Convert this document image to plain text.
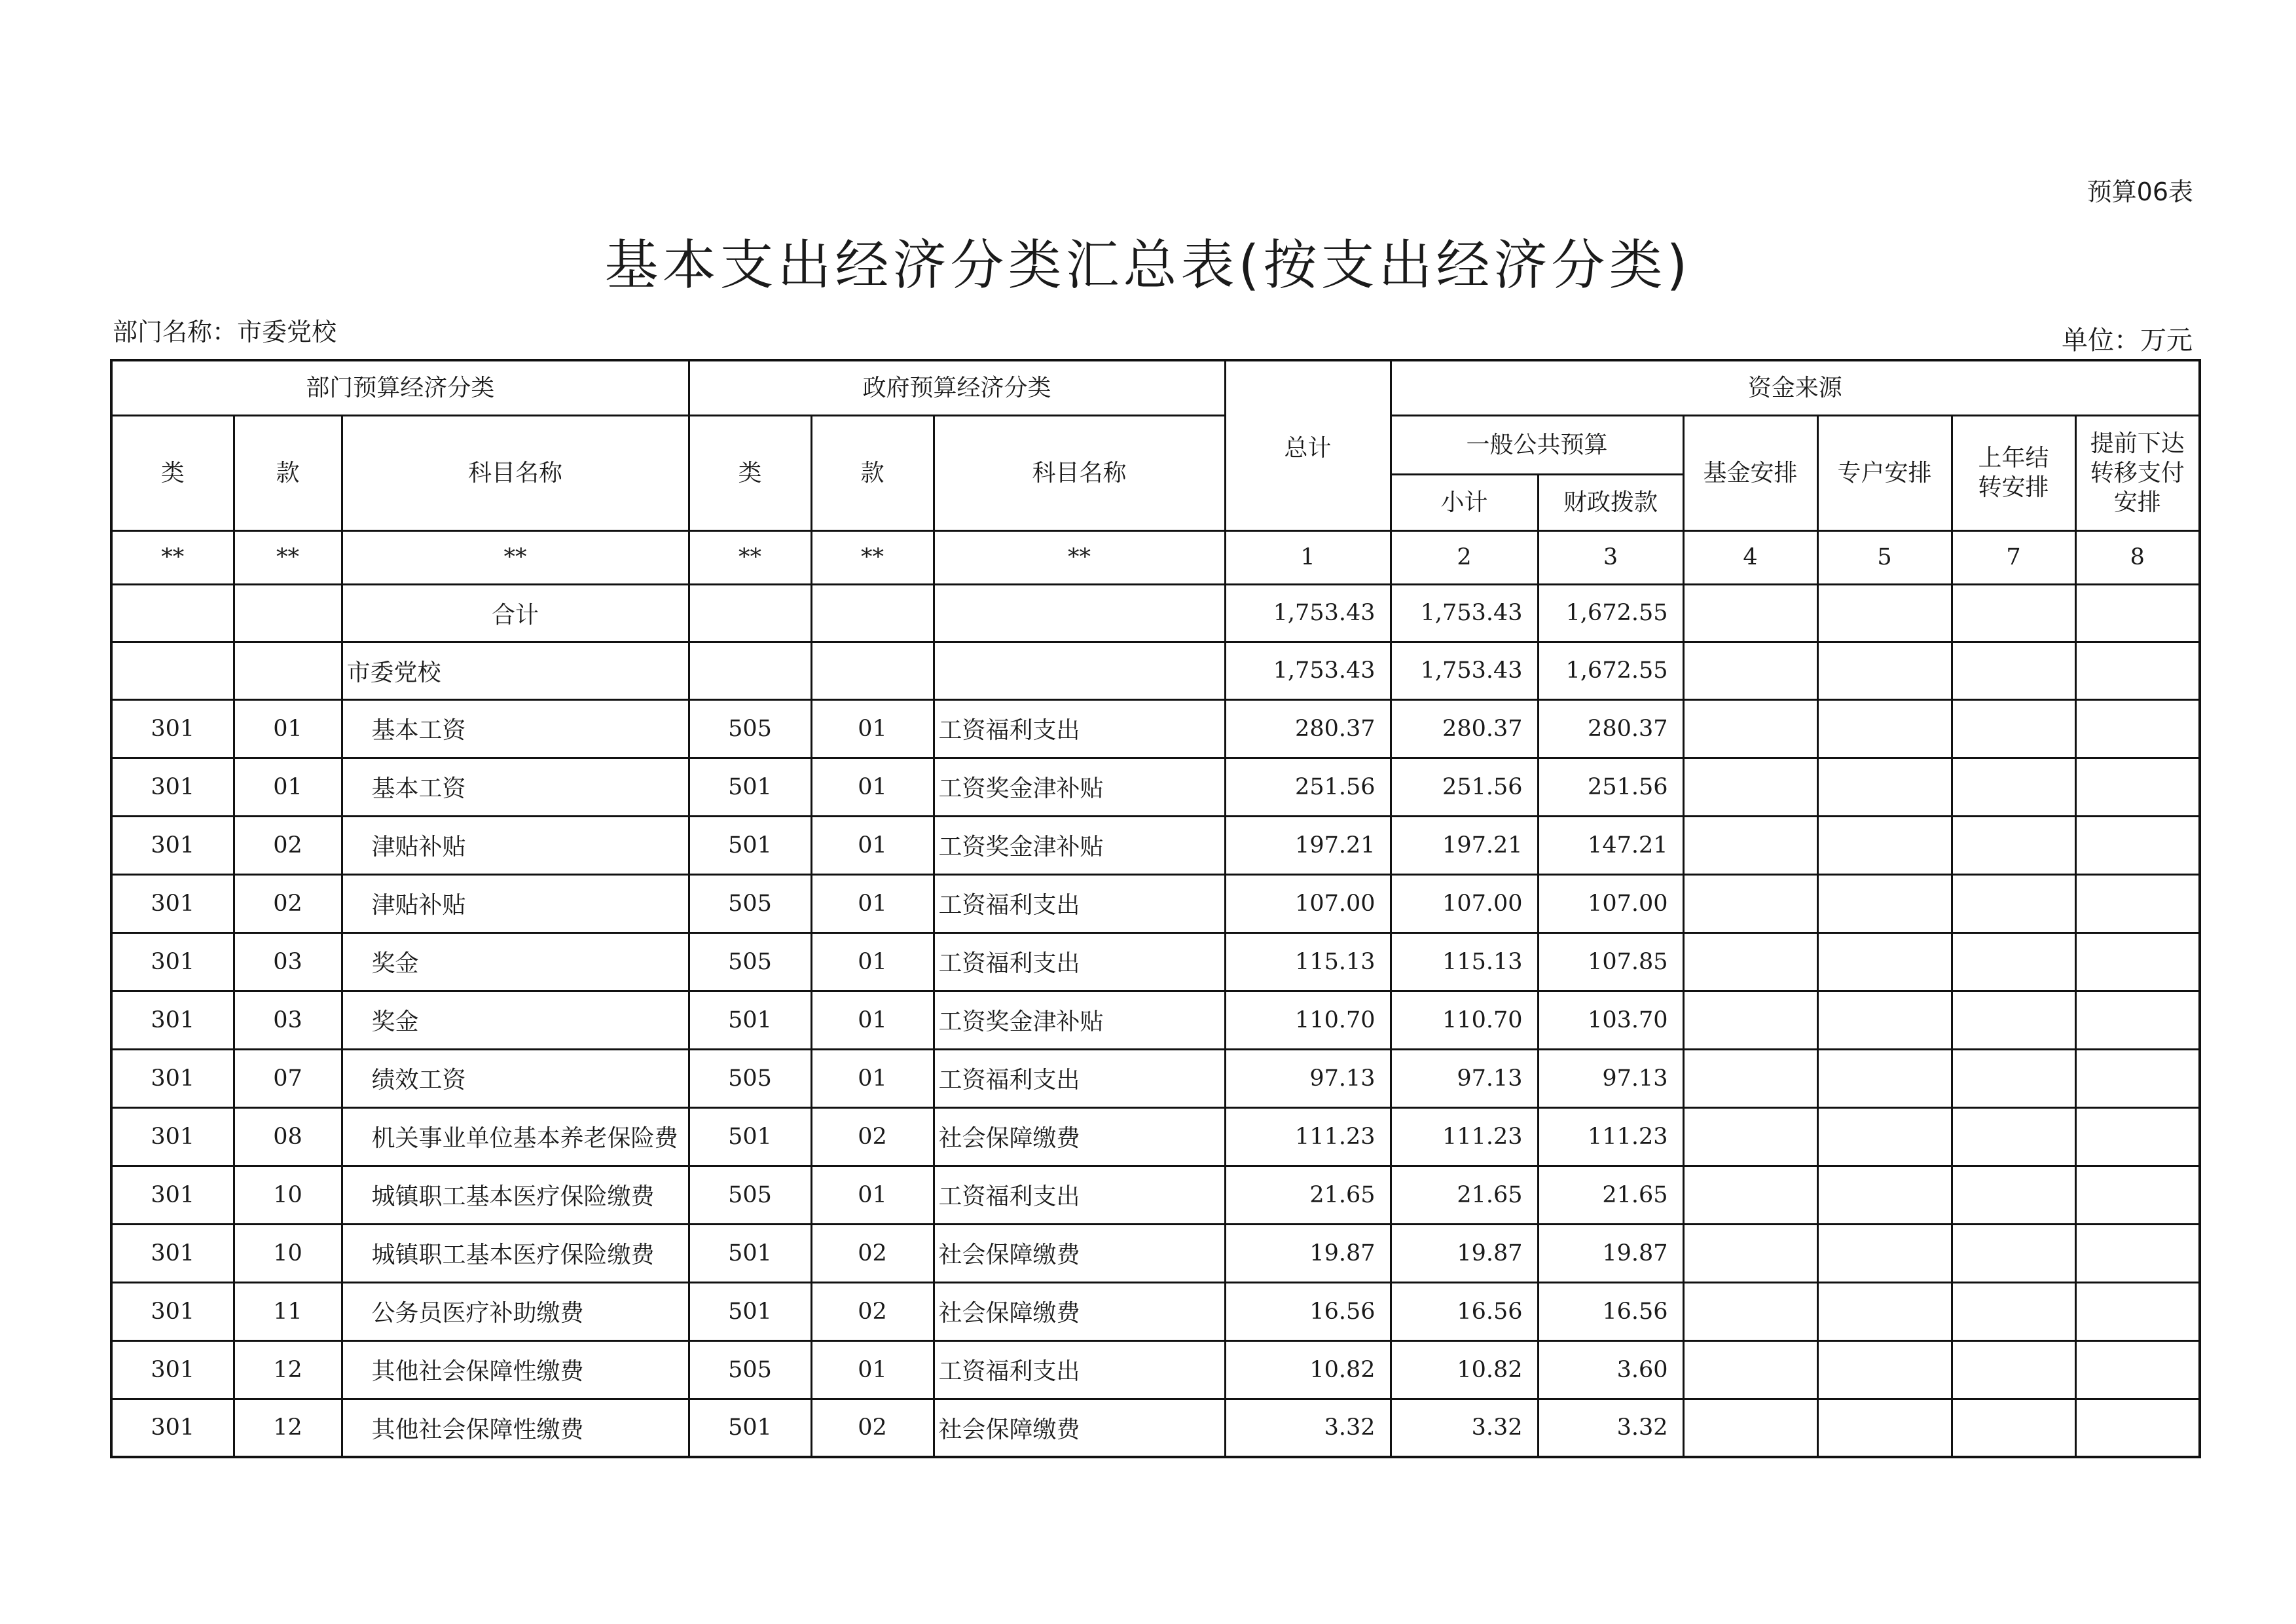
预算06表
基本支出经济分类汇总表(按支出经济分类)
部门名称：市委党校	单位：万元
部门预算经济分类			政府预算经济分类			总计	资金来源					
类	款	科目名称	类	款	科目名称		一般公共预算		基金安排	专户安排	上年结转安排	提前下达转移支付安排
							小计	财政拨款				
**	**	**	**	**	**	1	2	3	4	5	7	8
		合计				1,753.43	1,753.43	1,672.55				
		市委党校				1,753.43	1,753.43	1,672.55				
301	01	基本工资	505	01	工资福利支出	280.37	280.37	280.37				
301	01	基本工资	501	01	工资奖金津补贴	251.56	251.56	251.56				
301	02	津贴补贴	501	01	工资奖金津补贴	197.21	197.21	147.21				
301	02	津贴补贴	505	01	工资福利支出	107.00	107.00	107.00				
301	03	奖金	505	01	工资福利支出	115.13	115.13	107.85				
301	03	奖金	501	01	工资奖金津补贴	110.70	110.70	103.70				
301	07	绩效工资	505	01	工资福利支出	97.13	97.13	97.13				
301	08	机关事业单位基本养老保险费	501	02	社会保障缴费	111.23	111.23	111.23				
301	10	城镇职工基本医疗保险缴费	505	01	工资福利支出	21.65	21.65	21.65				
301	10	城镇职工基本医疗保险缴费	501	02	社会保障缴费	19.87	19.87	19.87				
301	11	公务员医疗补助缴费	501	02	社会保障缴费	16.56	16.56	16.56				
301	12	其他社会保障性缴费	505	01	工资福利支出	10.82	10.82	3.60				
301	12	其他社会保障性缴费	501	02	社会保障缴费	3.32	3.32	3.32				
